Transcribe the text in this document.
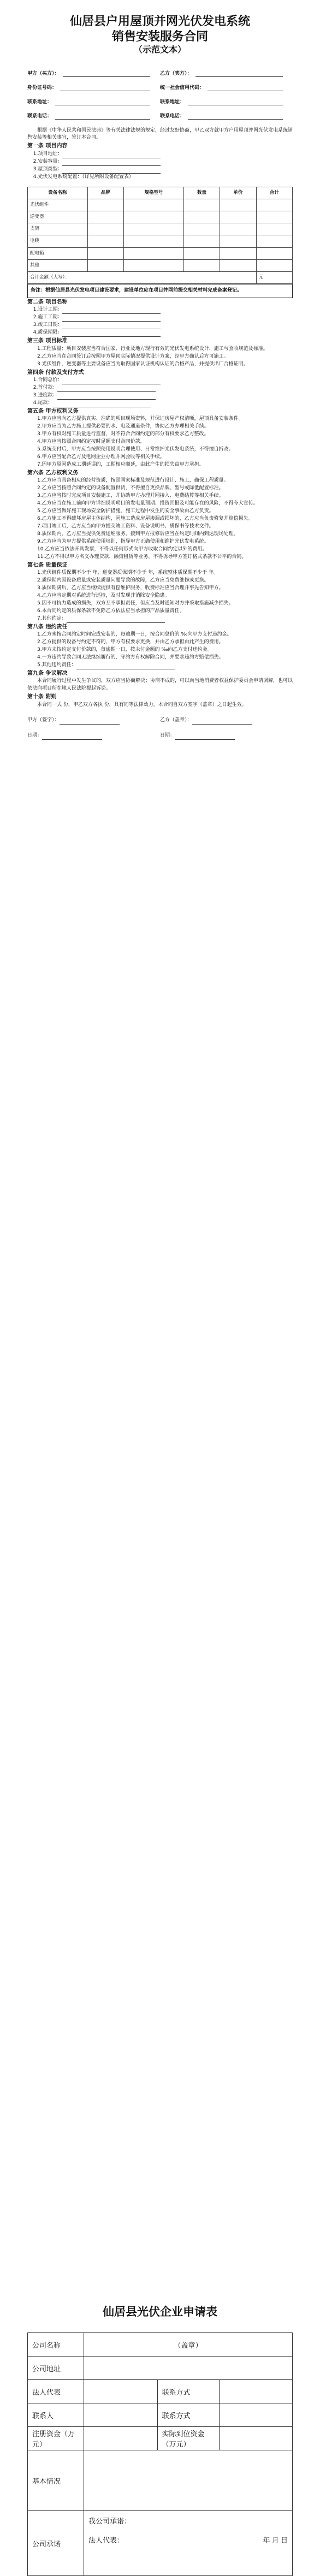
仙居县户用屋顶并网光伏发电系统

销售安装服务合同

（示范文本）

甲方（买方）：	乙方（卖方）：
身份证号码：	统一社会信用代码：
联系地址：	联系地址：
联系电话：	联系电话：

根据《中华人民共和国民法典》等有关法律法规的规定，经过友好协商，甲乙双方就甲方户用屋顶并网光伏发电系统销售安装等相关事宜，签订本合同。

第一条 项目内容

1.项目地址：

2.安装容量：

3.屋顶类型：

4.光伏发电系统配置：（详见所附设备配置表）

设备名称	品牌	规格型号	数量	单价	合计
光伏组件					
逆变器					
支架					
电缆					
配电箱					
其他					
合计金额（大写）：					元

备注：根据仙居县光伏发电项目建设要求，建设单位应在项目并网前提交相关材料完成备案登记。

第二条 项目名称

1.设计工期：

2.施工工期：

3.竣工日期：

4.质保期限：

第三条 项目标准

1.工程质量：项目安装应当符合国家、行业及地方现行有效的光伏发电系统设计、施工与验收规范及标准。

2.乙方应当在合同签订后按照甲方屋顶实际情况提供设计方案，经甲方确认后方可施工。

3.光伏组件、逆变器等主要设备应当为取得国家认证机构认证的合格产品，并提供出厂合格证明。

第四条 付款及支付方式

1.合同总价：

2.首付款：

3.进度款：

4.尾款：

第五条 甲方权利义务

1.甲方应当向乙方提供真实、准确的项目现场资料，并保证房屋产权清晰，屋顶具备安装条件。

2.甲方应当为乙方施工提供必要的水、电及通道条件，协助乙方办理相关手续。

3.甲方有权对施工质量进行监督，对不符合合同约定的部分有权要求乙方整改。

4.甲方应当按照合同约定按时足额支付合同价款。

5.系统交付后，甲方应当按照使用说明合理使用、日常维护光伏发电系统，不得擅自拆改。

6.甲方应当配合乙方及电网企业办理并网验收等相关手续。

7.因甲方原因造成工期延误的，工期相应顺延，由此产生的损失由甲方承担。

第六条 乙方权利义务

1.乙方应当具备相应的经营资质，按照国家标准及规范进行设计、施工，确保工程质量。

2.乙方应当按照合同约定的设备配置供货，不得擅自更换品牌、型号或降低配置标准。

3.乙方应当按时完成项目安装施工，并协助甲方办理并网接入、电费结算等相关手续。

4.乙方应当在施工前向甲方详细说明项目的发电量预期、投资回报及可能存在的风险，不得夸大宣传。

5.乙方应当做好施工现场安全防护措施，施工过程中发生的安全事故由乙方负责。

6.乙方施工不得破坏房屋主体结构，因施工造成房屋渗漏或损坏的，乙方应当负责修复并赔偿损失。

7.项目竣工后，乙方应当向甲方提交竣工资料、设备说明书、质保书等技术文件。

8.质保期内，乙方应当提供免费运维服务，接到甲方报修后应当在约定时间内到达现场处理。

9.乙方应当为甲方提供系统使用培训，指导甲方正确使用和维护光伏发电系统。

10.乙方应当依法开具发票，不得以任何形式向甲方收取合同约定以外的费用。

11.乙方不得以甲方名义办理贷款、融资租赁等业务，不得诱导甲方签订格式条款不公平的合同。

第七条 质量保证

1.光伏组件质保期不少于 年，逆变器质保期不少于 年，系统整体质保期不少于 年。

2.质保期内因设备质量或安装质量问题导致的故障，乙方应当免费维修或更换。

3.质保期满后，乙方应当继续提供有偿维护服务，收费标准应当合理并事先告知甲方。

4.乙方应当定期对系统进行巡检，及时发现并消除安全隐患。

5.因不可抗力造成的损失，双方互不承担责任，但应当及时通知对方并采取措施减少损失。

6.本合同约定的质保条款不免除乙方依法应当承担的产品质量责任。

7.其他约定：

第八条 违约责任

1.乙方未按合同约定时间完成安装的，每逾期一日，按合同总价的 ‰向甲方支付违约金。

2.乙方提供的设备与约定不符的，甲方有权要求更换，并由乙方承担由此产生的费用。

3.甲方未按约定支付价款的，每逾期一日，按未付金额的 ‰向乙方支付违约金。

4.一方违约导致合同无法继续履行的，守约方有权解除合同，并要求违约方赔偿损失。

5.其他违约责任：

第九条 争议解决

本合同履行过程中发生争议的，双方应当协商解决；协商不成的，可以向当地消费者权益保护委员会申请调解，也可以依法向项目所在地人民法院提起诉讼。

第十条 附则

本合同一式 份，甲乙双方各执 份，具有同等法律效力。本合同自双方签字（盖章）之日起生效。

甲方（签字）：	乙方（盖章）：
日期：	日期：
仙居县光伏企业申请表
公司名称	（盖章）		
公司地址			
法人代表		联系方式	
联系人		联系方式	
注册资金（万元）		实际到位资金（万元）	
基本情况			
公司承诺	我公司承诺：
法人代表： 年 月 日		
